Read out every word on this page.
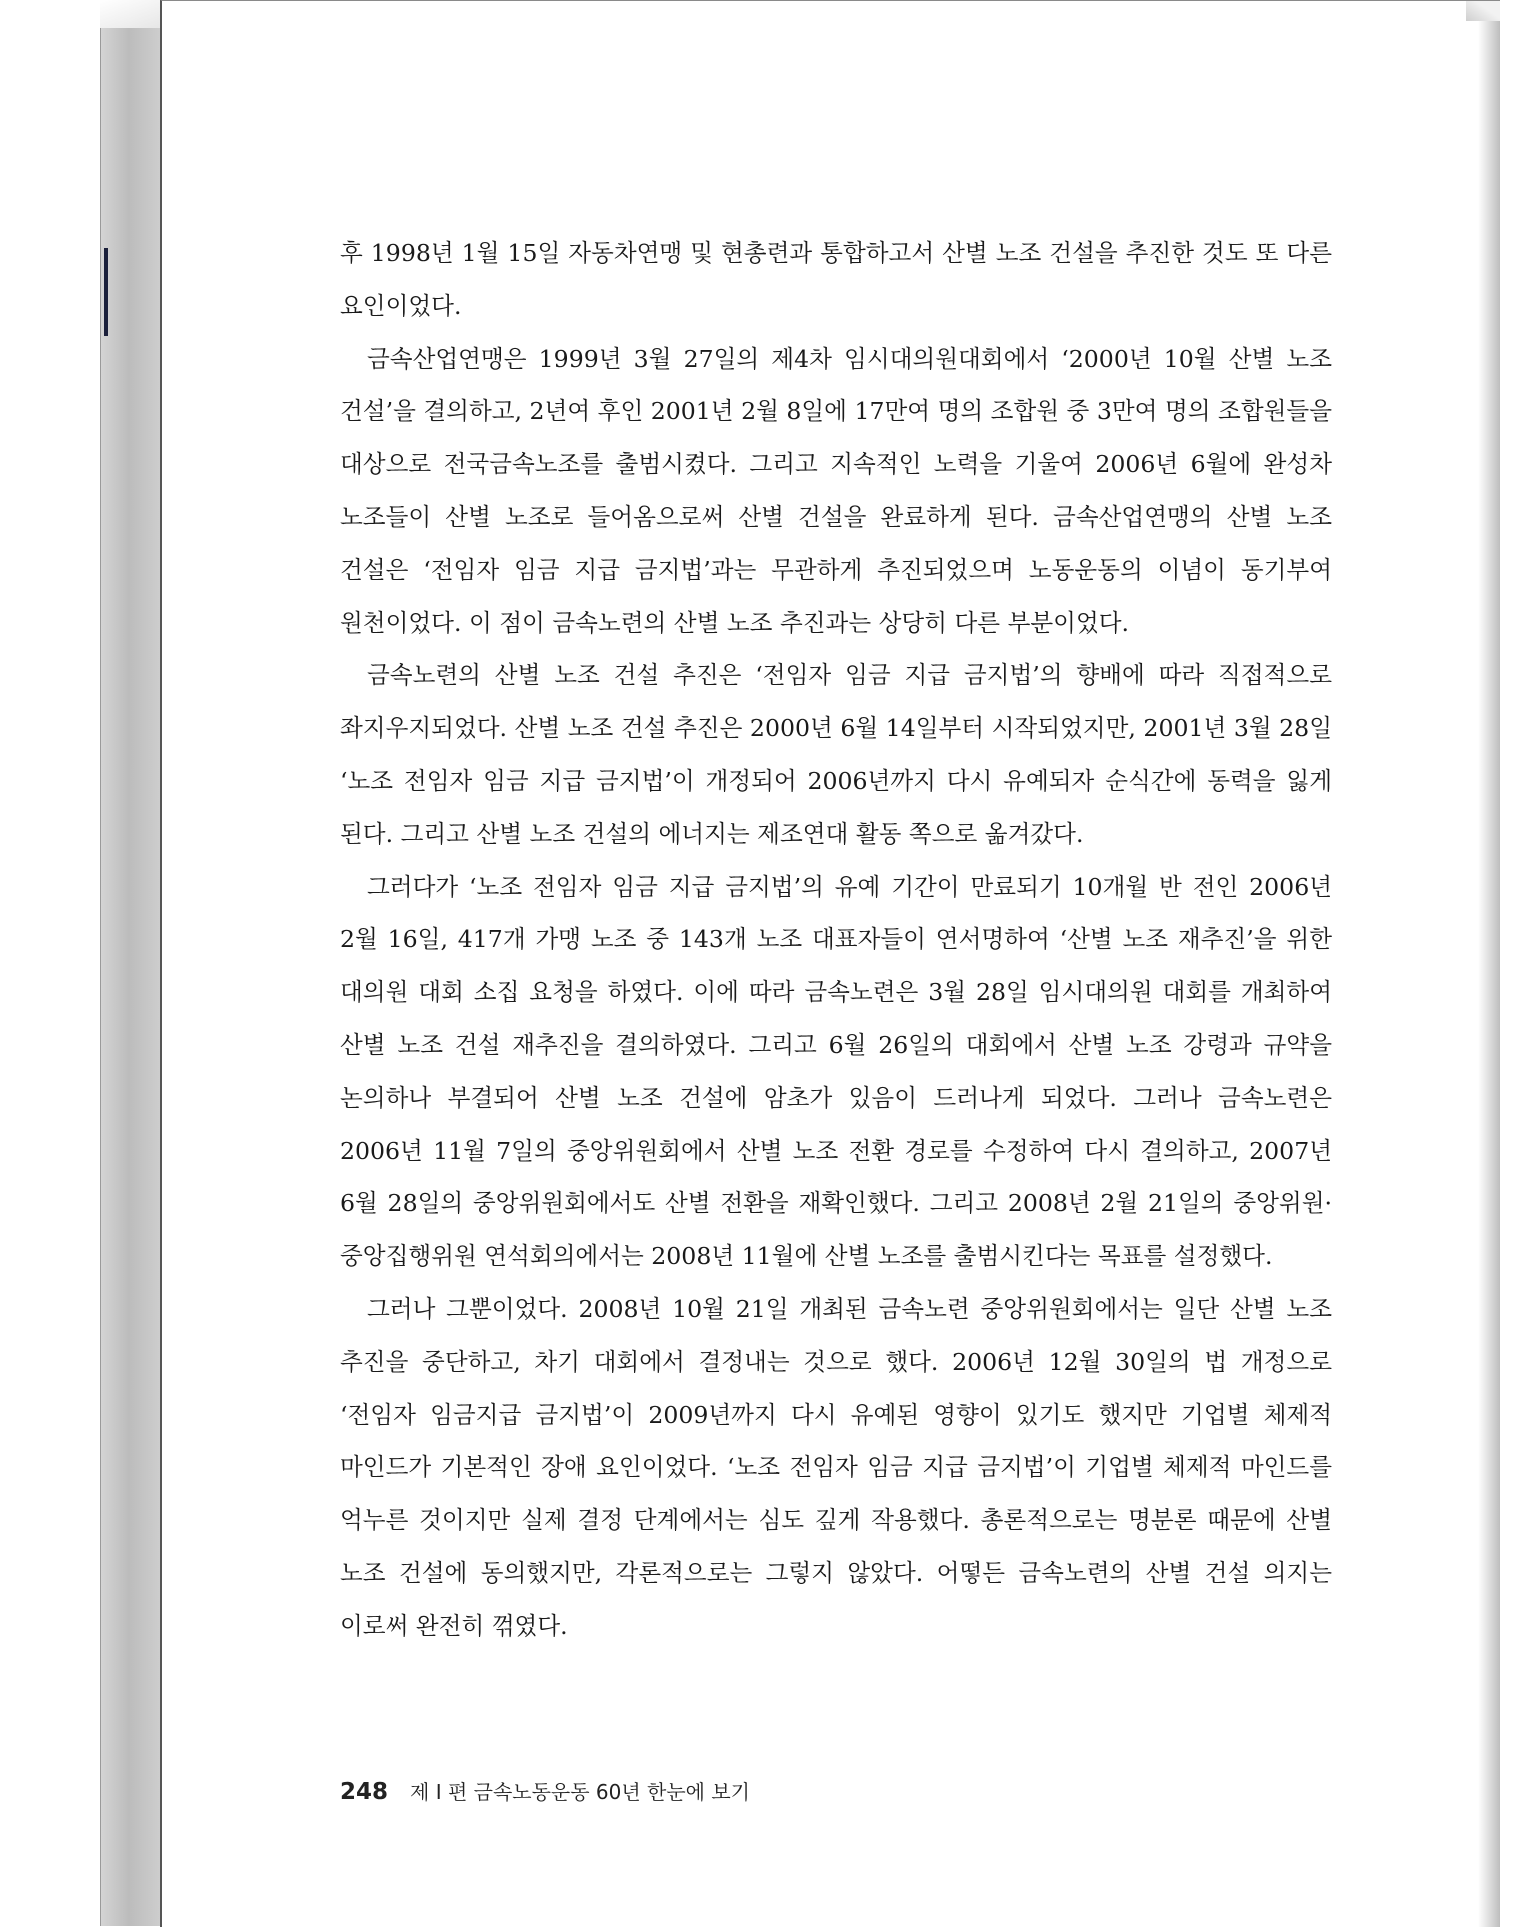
후 1998년 1월 15일 자동차연맹 및 현총련과 통합하고서 산별 노조 건설을 추진한 것도 또 다른 요인이었다.

금속산업연맹은 1999년 3월 27일의 제4차 임시대의원대회에서 ‘2000년 10월 산별 노조 건설’을 결의하고, 2년여 후인 2001년 2월 8일에 17만여 명의 조합원 중 3만여 명의 조합원들을 대상으로 전국금속노조를 출범시켰다. 그리고 지속적인 노력을 기울여 2006년 6월에 완성차 노조들이 산별 노조로 들어옴으로써 산별 건설을 완료하게 된다. 금속산업연맹의 산별 노조 건설은 ‘전임자 임금 지급 금지법’과는 무관하게 추진되었으며 노동운동의 이념이 동기부여 원천이었다. 이 점이 금속노련의 산별 노조 추진과는 상당히 다른 부분이었다.

금속노련의 산별 노조 건설 추진은 ‘전임자 임금 지급 금지법’의 향배에 따라 직접적으로 좌지우지되었다. 산별 노조 건설 추진은 2000년 6월 14일부터 시작되었지만, 2001년 3월 28일 ‘노조 전임자 임금 지급 금지법’이 개정되어 2006년까지 다시 유예되자 순식간에 동력을 잃게 된다. 그리고 산별 노조 건설의 에너지는 제조연대 활동 쪽으로 옮겨갔다.

그러다가 ‘노조 전임자 임금 지급 금지법’의 유예 기간이 만료되기 10개월 반 전인 2006년 2월 16일, 417개 가맹 노조 중 143개 노조 대표자들이 연서명하여 ‘산별 노조 재추진’을 위한 대의원 대회 소집 요청을 하였다. 이에 따라 금속노련은 3월 28일 임시대의원 대회를 개최하여 산별 노조 건설 재추진을 결의하였다. 그리고 6월 26일의 대회에서 산별 노조 강령과 규약을 논의하나 부결되어 산별 노조 건설에 암초가 있음이 드러나게 되었다. 그러나 금속노련은 2006년 11월 7일의 중앙위원회에서 산별 노조 전환 경로를 수정하여 다시 결의하고, 2007년 6월 28일의 중앙위원회에서도 산별 전환을 재확인했다. 그리고 2008년 2월 21일의 중앙위원·중앙집행위원 연석회의에서는 2008년 11월에 산별 노조를 출범시킨다는 목표를 설정했다.

그러나 그뿐이었다. 2008년 10월 21일 개최된 금속노련 중앙위원회에서는 일단 산별 노조 추진을 중단하고, 차기 대회에서 결정내는 것으로 했다. 2006년 12월 30일의 법 개정으로 ‘전임자 임금지급 금지법’이 2009년까지 다시 유예된 영향이 있기도 했지만 기업별 체제적 마인드가 기본적인 장애 요인이었다. ‘노조 전임자 임금 지급 금지법’이 기업별 체제적 마인드를 억누른 것이지만 실제 결정 단계에서는 심도 깊게 작용했다. 총론적으로는 명분론 때문에 산별 노조 건설에 동의했지만, 각론적으로는 그렇지 않았다. 어떻든 금속노련의 산별 건설 의지는 이로써 완전히 꺾였다.

248 제 Ⅰ 편 금속노동운동 60년 한눈에 보기
